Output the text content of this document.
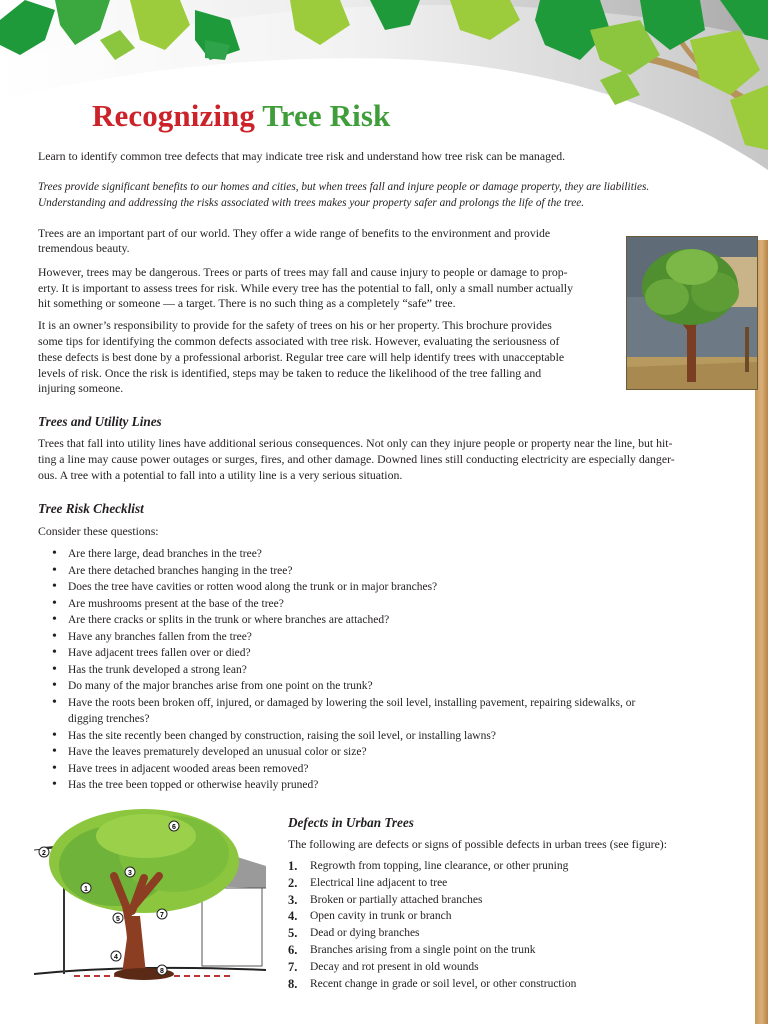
Recognizing Tree Risk

Learn to identify common tree defects that may indicate tree risk and understand how tree risk can be managed.

Trees provide significant benefits to our homes and cities, but when trees fall and injure people or damage property, they are liabilities.

Understanding and addressing the risks associated with trees makes your property safer and prolongs the life of the tree.

Trees are an important part of our world. They offer a wide range of benefits to the environment and provide

tremendous beauty.

However, trees may be dangerous. Trees or parts of trees may fall and cause injury to people or damage to prop-

erty. It is important to assess trees for risk. While every tree has the potential to fall, only a small number actually

hit something or someone — a target. There is no such thing as a completely “safe” tree.

It is an owner’s responsibility to provide for the safety of trees on his or her property. This brochure provides

some tips for identifying the common defects associated with tree risk. However, evaluating the seriousness of

these defects is best done by a professional arborist. Regular tree care will help identify trees with unacceptable

levels of risk. Once the risk is identified, steps may be taken to reduce the likelihood of the tree falling and

injuring someone.

Trees and Utility Lines

Trees that fall into utility lines have additional serious consequences. Not only can they injure people or property near the line, but hit-

ting a line may cause power outages or surges, fires, and other damage. Downed lines still conducting electricity are especially danger-

ous. A tree with a potential to fall into a utility line is a very serious situation.

Tree Risk Checklist

Consider these questions:

• Are there large, dead branches in the tree?
• Are there detached branches hanging in the tree?
• Does the tree have cavities or rotten wood along the trunk or in major branches?
• Are mushrooms present at the base of the tree?
• Are there cracks or splits in the trunk or where branches are attached?
• Have any branches fallen from the tree?
• Have adjacent trees fallen over or died?
• Has the trunk developed a strong lean?
• Do many of the major branches arise from one point on the trunk?
• Have the roots been broken off, injured, or damaged by lowering the soil level, installing pavement, repairing sidewalks, or
digging trenches?
• Has the site recently been changed by construction, raising the soil level, or installing lawns?
• Have the leaves prematurely developed an unusual color or size?
• Have trees in adjacent wooded areas been removed?
• Has the tree been topped or otherwise heavily pruned?
1
2
3
4
6
7
5
8
Defects in Urban Trees

The following are defects or signs of possible defects in urban trees (see figure):

1.	Regrowth from topping, line clearance, or other pruning
2.	Electrical line adjacent to tree
3.	Broken or partially attached branches
4.	Open cavity in trunk or branch
5.	Dead or dying branches
6.	Branches arising from a single point on the trunk
7.	Decay and rot present in old wounds
8.	Recent change in grade or soil level, or other construction
